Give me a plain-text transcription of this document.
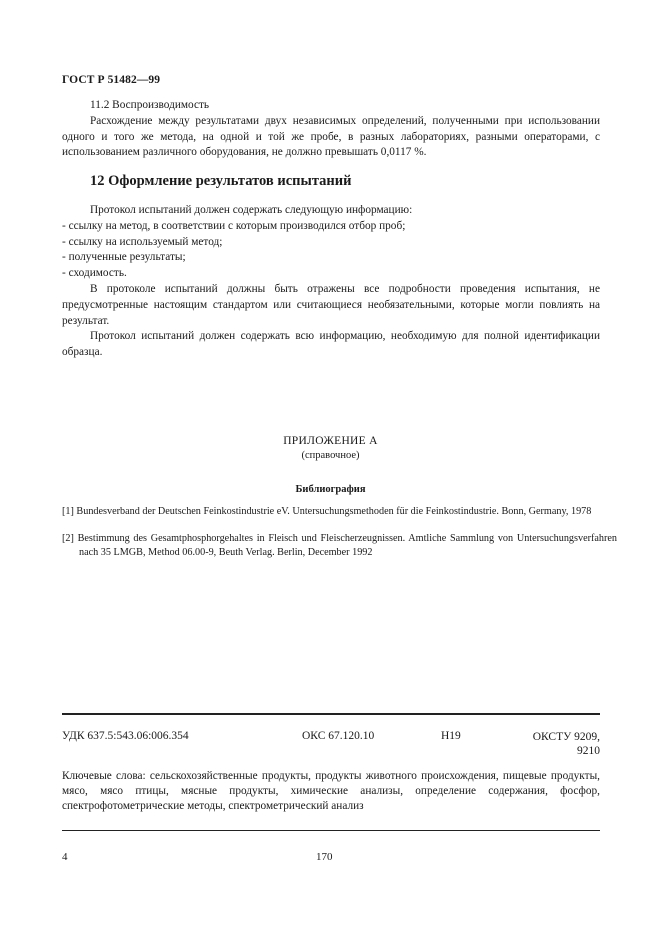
ГОСТ Р 51482—99
11.2 Воспроизводимость
Расхождение между результатами двух независимых определений, полученными при использовании одного и того же метода, на одной и той же пробе, в разных лабораториях, разными операторами, с использованием различного оборудования, не должно превышать 0,0117 %.
12 Оформление результатов испытаний
Протокол испытаний должен содержать следующую информацию:
- ссылку на метод, в соответствии с которым производился отбор проб;
- ссылку на используемый метод;
- полученные результаты;
- сходимость.
В протоколе испытаний должны быть отражены все подробности проведения испытания, не предусмотренные настоящим стандартом или считающиеся необязательными, которые могли повлиять на результат.
Протокол испытаний должен содержать всю информацию, необходимую для полной идентификации образца.
ПРИЛОЖЕНИЕ А
(справочное)
Библиография
[1] Bundesverband der Deutschen Feinkostindustrie eV. Untersuchungsmethoden für die Feinkostindustrie. Bonn, Germany, 1978
[2] Bestimmung des Gesamtphosphorgehaltes in Fleisch und Fleischerzeugnissen. Amtliche Sammlung von Untersuchungsverfahren nach 35 LMGB, Method 06.00-9, Beuth Verlag. Berlin, December 1992
УДК 637.5:543.06:006.354	ОКС 67.120.10	Н19	ОКСТУ 9209,
9210
Ключевые слова: сельскохозяйственные продукты, продукты животного происхождения, пищевые продукты, мясо, мясо птицы, мясные продукты, химические анализы, определение содержания, фосфор, спектрофотометрические методы, спектрометрический анализ
4	170
